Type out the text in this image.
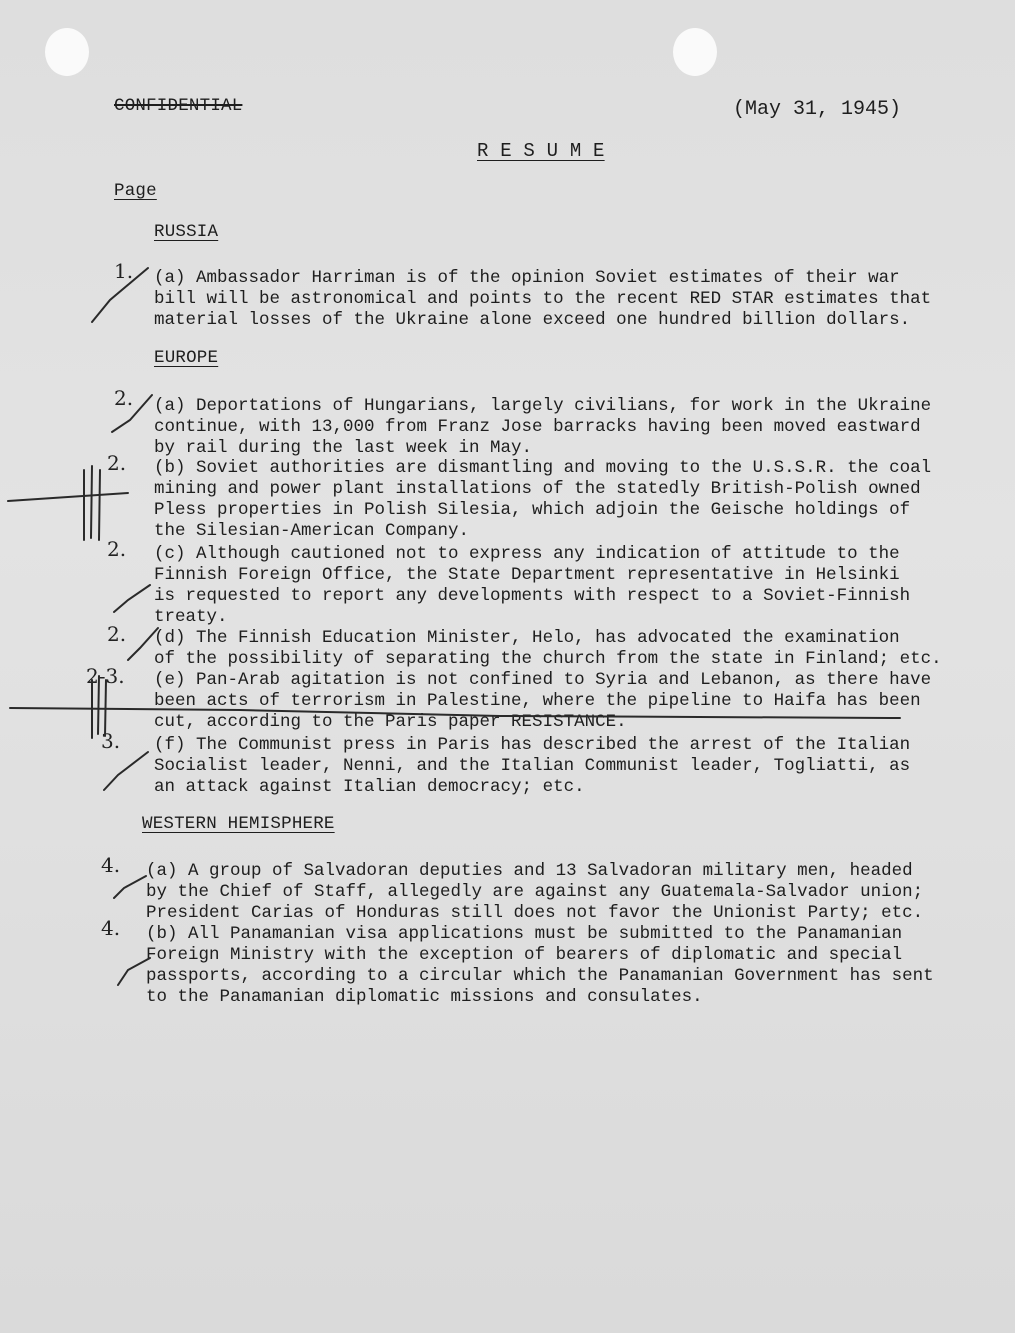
CONFIDENTIAL	(May 31, 1945)
R E S U M E
Page
RUSSIA
1. (a) Ambassador Harriman is of the opinion Soviet estimates of their war
bill will be astronomical and points to the recent RED STAR estimates that
material losses of the Ukraine alone exceed one hundred billion dollars.
EUROPE
2. (a) Deportations of Hungarians, largely civilians, for work in the Ukraine
continue, with 13,000 from Franz Jose barracks having been moved eastward
by rail during the last week in May.
2. (b) Soviet authorities are dismantling and moving to the U.S.S.R. the coal
mining and power plant installations of the statedly British-Polish owned
Pless properties in Polish Silesia, which adjoin the Geische holdings of
the Silesian-American Company.
2. (c) Although cautioned not to express any indication of attitude to the
Finnish Foreign Office, the State Department representative in Helsinki
is requested to report any developments with respect to a Soviet-Finnish
treaty.
2. (d) The Finnish Education Minister, Helo, has advocated the examination
of the possibility of separating the church from the state in Finland; etc.
2-3. (e) Pan-Arab agitation is not confined to Syria and Lebanon, as there have
been acts of terrorism in Palestine, where the pipeline to Haifa has been
cut, according to the Paris paper RESISTANCE.
3. (f) The Communist press in Paris has described the arrest of the Italian
Socialist leader, Nenni, and the Italian Communist leader, Togliatti, as
an attack against Italian democracy; etc.
WESTERN HEMISPHERE
4. (a) A group of Salvadoran deputies and 13 Salvadoran military men, headed
by the Chief of Staff, allegedly are against any Guatemala-Salvador union;
President Carias of Honduras still does not favor the Unionist Party; etc.
4. (b) All Panamanian visa applications must be submitted to the Panamanian
Foreign Ministry with the exception of bearers of diplomatic and special
passports, according to a circular which the Panamanian Government has sent
to the Panamanian diplomatic missions and consulates.
